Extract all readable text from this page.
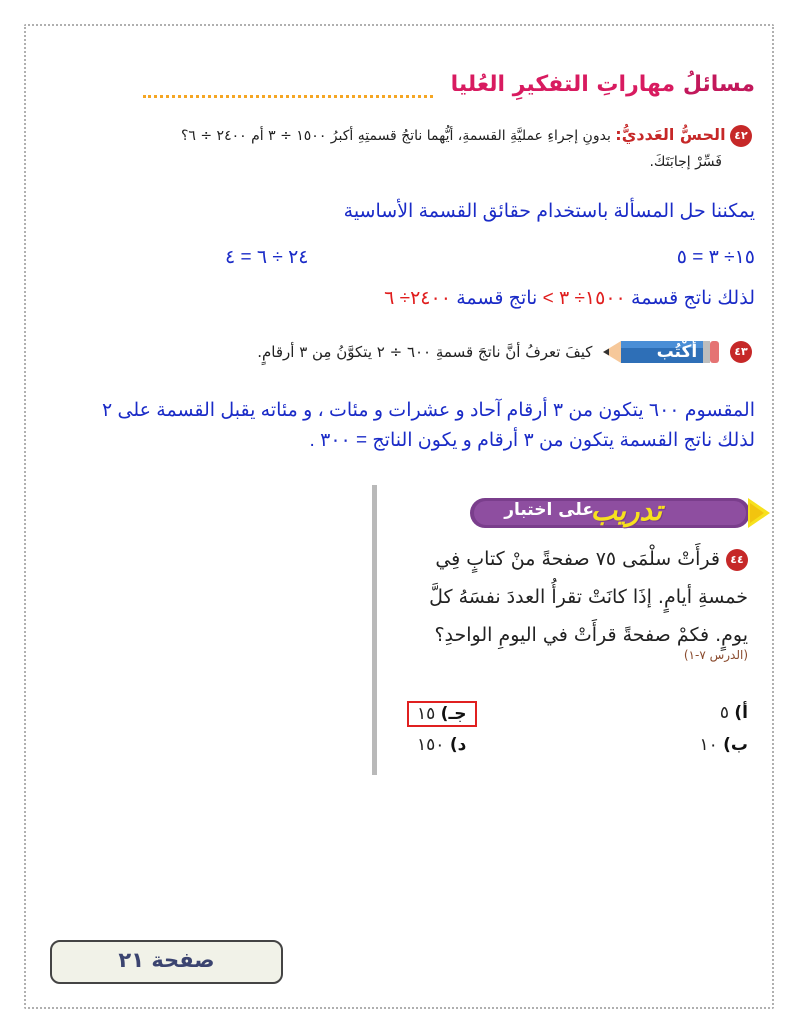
مسائلُ مهاراتِ التفكيرِ العُليا
٤٢ الحسُّ العَدديُّ: بدونِ إجراءِ عمليَّةِ القسمةِ، أيُّهما ناتجُ قسمتِهِ أكبرُ ١٥٠٠ ÷ ٣ أم ٢٤٠٠ ÷ ٦؟
فَسِّرْ إجابَتَكَ.
يمكننا حل المسألة باستخدام حقائق القسمة الأساسية
١٥÷ ٣ = ٥
٢٤ ÷ ٦ = ٤
لذلك ناتج قسمة ١٥٠٠÷ ٣ > ناتج قسمة ٢٤٠٠÷ ٦
٤٣
أُكْتُب
كيفَ تعرفُ أنَّ ناتجَ قسمةِ ٦٠٠ ÷ ٢ يتكوَّنُ مِن ٣ أرقامٍ.
المقسوم ٦٠٠ يتكون من ٣ أرقام آحاد و عشرات و مئات ، و مئاته يقبل القسمة على ٢
لذلك ناتج القسمة يتكون من ٣ أرقام و يكون الناتج = ٣٠٠ .
تدريب
على اختبار
٤٤ قرأَتْ سلْمَى ٧٥ صفحةً منْ كتابٍ فِي
خمسةِ أيامٍ. إذَا كانَتْ تقرأُ العددَ نفسَهُ كلَّ
يومٍ. فكمْ صفحةً قرأَتْ في اليومِ الواحدِ؟
(الدرس ٧-١)
أ) ٥
ب) ١٠
جـ) ١٥
د) ١٥٠
صفحة ٢١
